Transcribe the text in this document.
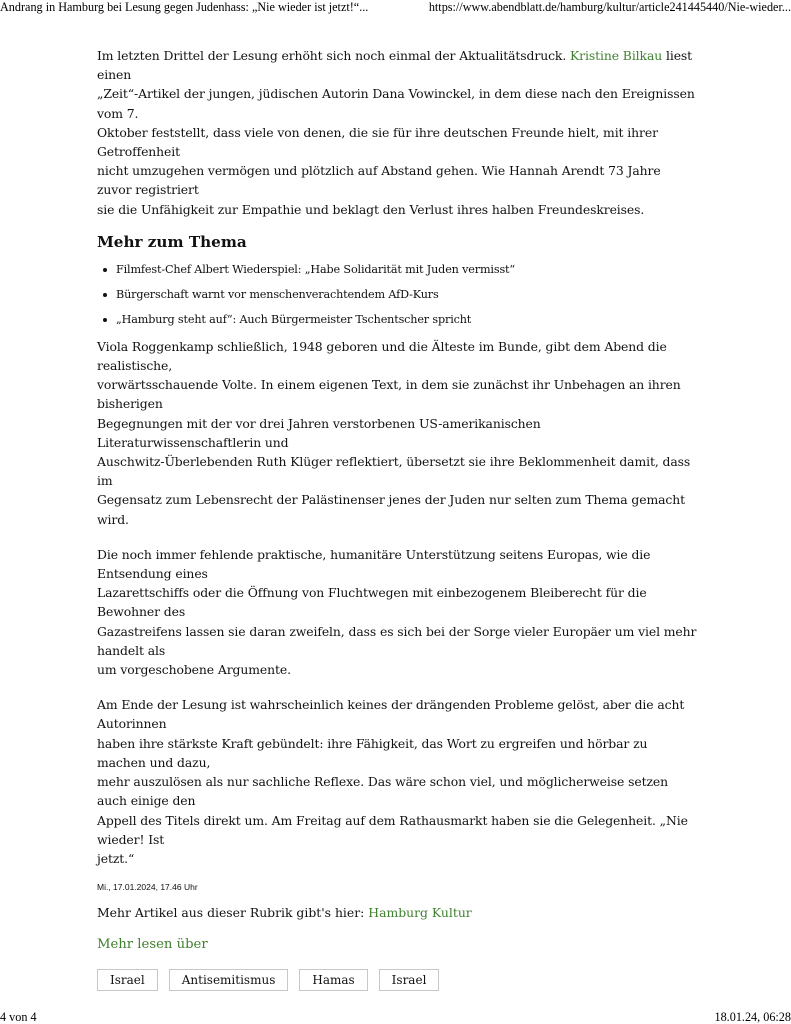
Andrang in Hamburg bei Lesung gegen Judenhass: „Nie wieder ist jetzt!“...	https://www.abendblatt.de/hamburg/kultur/article241445440/Nie-wieder...

Im letzten Drittel der Lesung erhöht sich noch einmal der Aktualitätsdruck. Kristine Bilkau liest einen
„Zeit“-Artikel der jungen, jüdischen Autorin Dana Vowinckel, in dem diese nach den Ereignissen vom 7.
Oktober feststellt, dass viele von denen, die sie für ihre deutschen Freunde hielt, mit ihrer Getroffenheit
nicht umzugehen vermögen und plötzlich auf Abstand gehen. Wie Hannah Arendt 73 Jahre zuvor registriert
sie die Unfähigkeit zur Empathie und beklagt den Verlust ihres halben Freundeskreises.

Mehr zum Thema
Filmfest-Chef Albert Wiederspiel: „Habe Solidarität mit Juden vermisst“
Bürgerschaft warnt vor menschenverachtendem AfD-Kurs
„Hamburg steht auf“: Auch Bürgermeister Tschentscher spricht

Viola Roggenkamp schließlich, 1948 geboren und die Älteste im Bunde, gibt dem Abend die realistische,
vorwärtsschauende Volte. In einem eigenen Text, in dem sie zunächst ihr Unbehagen an ihren bisherigen
Begegnungen mit der vor drei Jahren verstorbenen US-amerikanischen Literaturwissenschaftlerin und
Auschwitz-Überlebenden Ruth Klüger reflektiert, übersetzt sie ihre Beklommenheit damit, dass im
Gegensatz zum Lebensrecht der Palästinenser jenes der Juden nur selten zum Thema gemacht wird.

Die noch immer fehlende praktische, humanitäre Unterstützung seitens Europas, wie die Entsendung eines
Lazarettschiffs oder die Öffnung von Fluchtwegen mit einbezogenem Bleiberecht für die Bewohner des
Gazastreifens lassen sie daran zweifeln, dass es sich bei der Sorge vieler Europäer um viel mehr handelt als
um vorgeschobene Argumente.

Am Ende der Lesung ist wahrscheinlich keines der drängenden Probleme gelöst, aber die acht Autorinnen
haben ihre stärkste Kraft gebündelt: ihre Fähigkeit, das Wort zu ergreifen und hörbar zu machen und dazu,
mehr auszulösen als nur sachliche Reflexe. Das wäre schon viel, und möglicherweise setzen auch einige den
Appell des Titels direkt um. Am Freitag auf dem Rathausmarkt haben sie die Gelegenheit. „Nie wieder! Ist
jetzt.“

Mi., 17.01.2024, 17.46 Uhr

Mehr Artikel aus dieser Rubrik gibt's hier: Hamburg Kultur

Mehr lesen über

Israel	Antisemitismus	Hamas	Israel
4 von 4	18.01.24, 06:28
